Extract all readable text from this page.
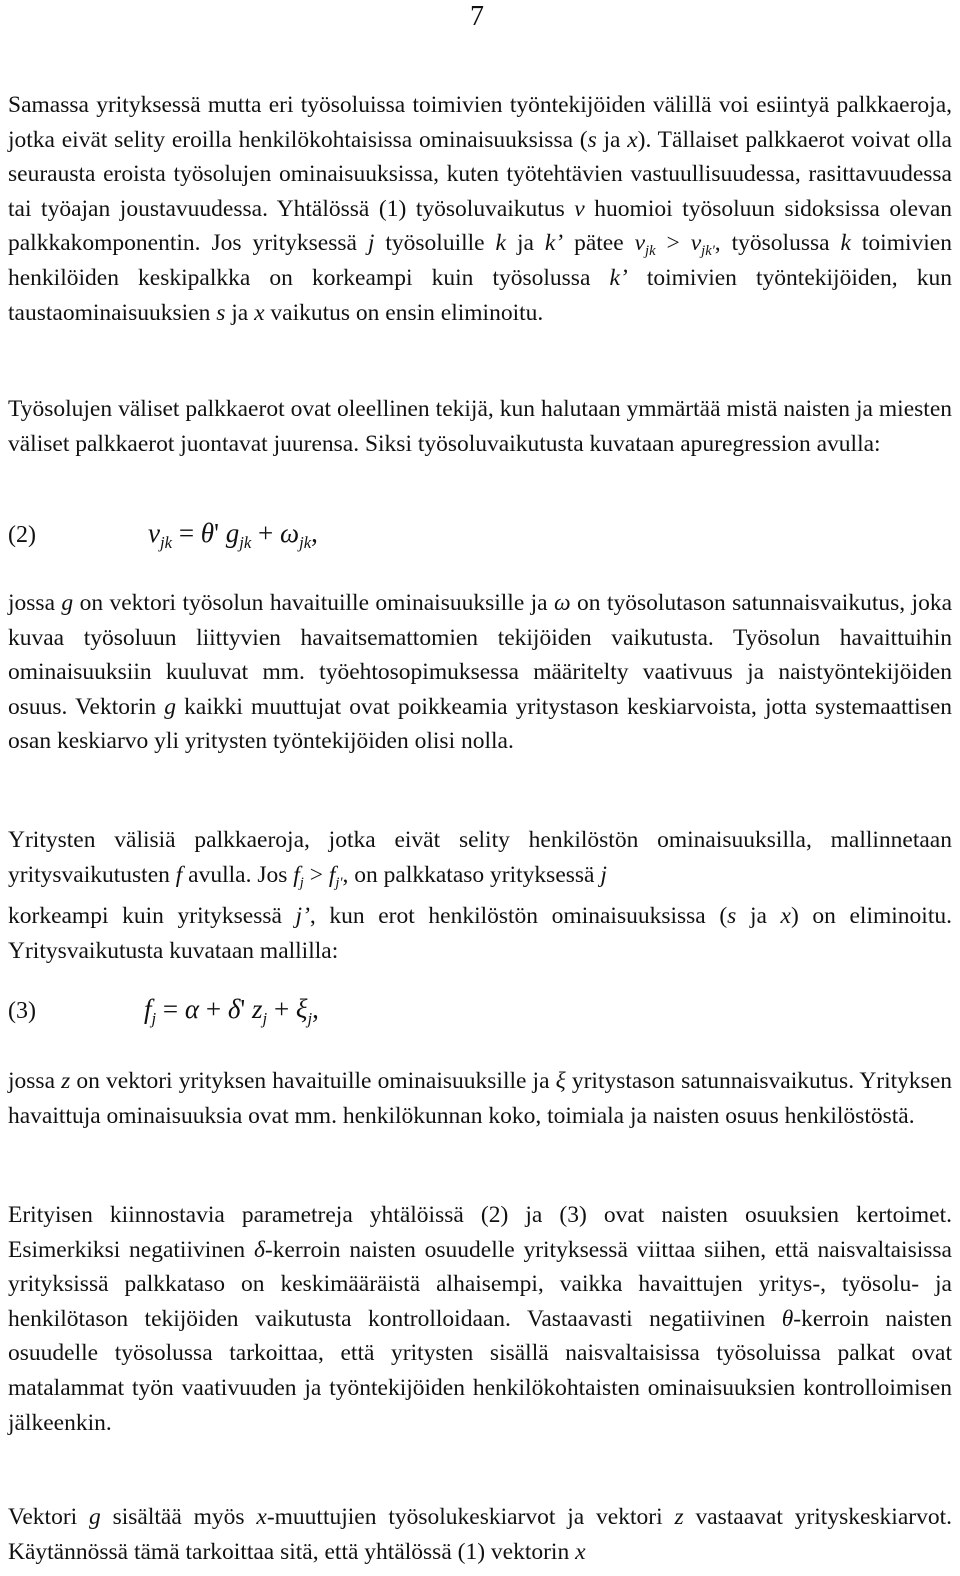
7

Samassa yrityksessä mutta eri työsoluissa toimivien työntekijöiden välillä voi esiintyä palkkaeroja, jotka eivät selity eroilla henkilökohtaisissa ominaisuuksissa (s ja x). Tällaiset palkkaerot voivat olla seurausta eroista työsolujen ominaisuuksissa, kuten työtehtävien vastuullisuudessa, rasittavuudessa tai työajan joustavuudessa. Yhtälössä (1) työsoluvaikutus v huomioi työsoluun sidoksissa olevan palkkakomponentin. Jos yrityksessä j työsoluille k ja k’ pätee $v_{jk} > v_{jk'}$, työsolussa k toimivien henkilöiden keskipalkka on korkeampi kuin työsolussa k’ toimivien työntekijöiden, kun taustaominaisuuksien s ja x vaikutus on ensin eliminoitu.

Työsolujen väliset palkkaerot ovat oleellinen tekijä, kun halutaan ymmärtää mistä naisten ja miesten väliset palkkaerot juontavat juurensa. Siksi työsoluvaikutusta kuvataan apuregression avulla:

(2)	$v_{jk} = \theta'$ $g_{jk} + \omega_{jk}$,

jossa g on vektori työsolun havaituille ominaisuuksille ja ω on työsolutason satunnaisvaikutus, joka kuvaa työsoluun liittyvien havaitsemattomien tekijöiden vaikutusta. Työsolun havaittuihin ominaisuuksiin kuuluvat mm. työehtosopimuksessa määritelty vaativuus ja naistyöntekijöiden osuus. Vektorin g kaikki muuttujat ovat poikkeamia yritystason keskiarvoista, jotta systemaattisen osan keskiarvo yli yritysten työntekijöiden olisi nolla.

Yritysten välisiä palkkaeroja, jotka eivät selity henkilöstön ominaisuuksilla, mallinnetaan yritysvaikutusten f avulla. Jos $f_j > f_{j'}$, on palkkataso yrityksessä j

korkeampi kuin yrityksessä j’, kun erot henkilöstön ominaisuuksissa (s ja x) on eliminoitu. Yritysvaikutusta kuvataan mallilla:

(3)	$f_j = \alpha + \delta'$ $z_j + \xi_j$,

jossa z on vektori yrityksen havaituille ominaisuuksille ja ξ yritystason satunnaisvaikutus. Yrityksen havaittuja ominaisuuksia ovat mm. henkilökunnan koko, toimiala ja naisten osuus henkilöstöstä.

Erityisen kiinnostavia parametreja yhtälöissä (2) ja (3) ovat naisten osuuksien kertoimet. Esimerkiksi negatiivinen δ-kerroin naisten osuudelle yrityksessä viittaa siihen, että naisvaltaisissa yrityksissä palkkataso on keskimääräistä alhaisempi, vaikka havaittujen yritys-, työsolu- ja henkilötason tekijöiden vaikutusta kontrolloidaan. Vastaavasti negatiivinen θ-kerroin naisten osuudelle työsolussa tarkoittaa, että yritysten sisällä naisvaltaisissa työsoluissa palkat ovat matalammat työn vaativuuden ja työntekijöiden henkilökohtaisten ominaisuuksien kontrolloimisen jälkeenkin.

Vektori g sisältää myös x-muuttujien työsolukeskiarvot ja vektori z vastaavat yrityskeskiarvot. Käytännössä tämä tarkoittaa sitä, että yhtälössä (1) vektorin x
